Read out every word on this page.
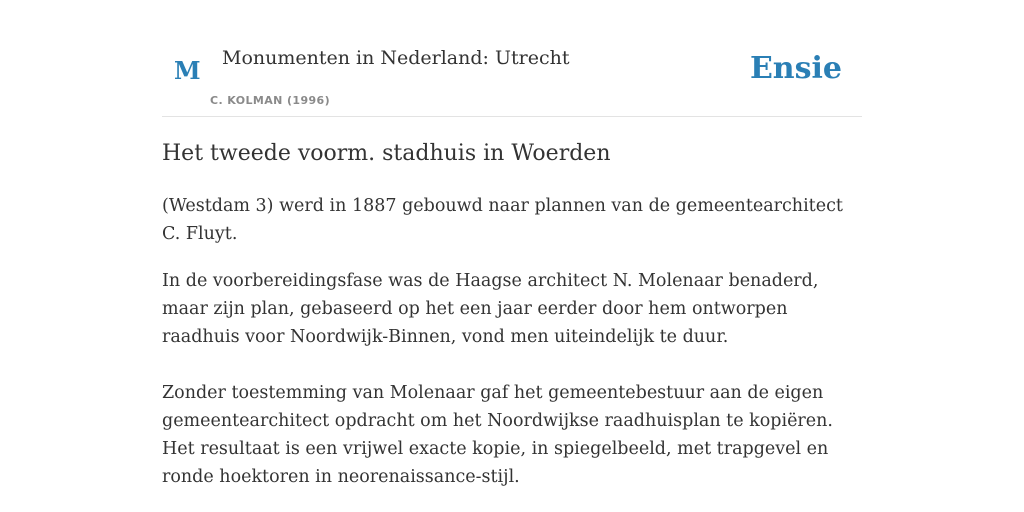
M Monumenten in Nederland: Utrecht
C. KOLMAN (1996)
Ensie
Het tweede voorm. stadhuis in Woerden

(Westdam 3) werd in 1887 gebouwd naar plannen van de gemeentearchitect C. Fluyt.

In de voorbereidingsfase was de Haagse architect N. Molenaar benaderd, maar zijn plan, gebaseerd op het een jaar eerder door hem ontworpen raadhuis voor Noordwijk-Binnen, vond men uiteindelijk te duur.

Zonder toestemming van Molenaar gaf het gemeentebestuur aan de eigen gemeentearchitect opdracht om het Noordwijkse raadhuisplan te kopiëren. Het resultaat is een vrijwel exacte kopie, in spiegelbeeld, met trapgevel en ronde hoektoren in neorenaissance-stijl.
